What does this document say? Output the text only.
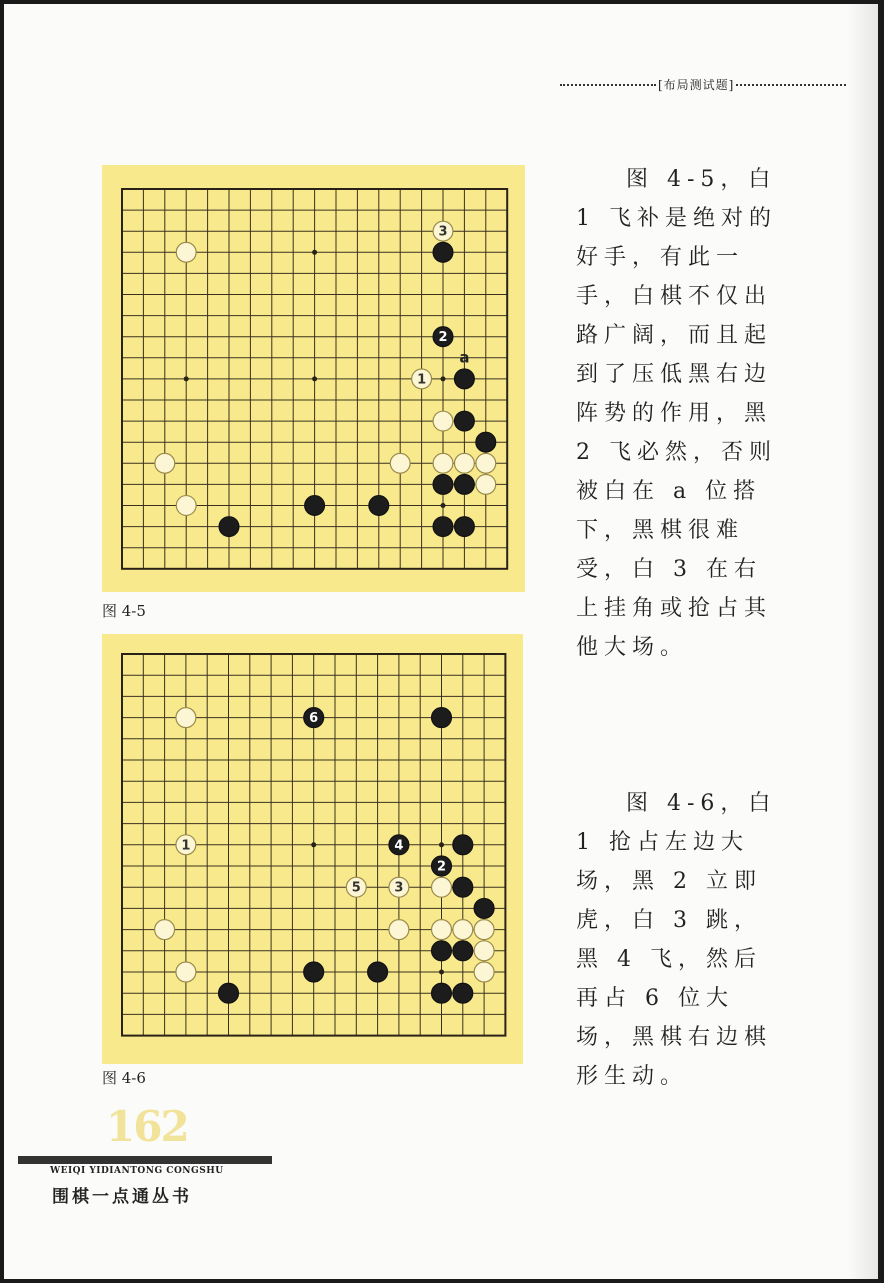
[布局测试题]
3
2
1
a
图 4-5
6
1	4
2
5	3
图 4-6
图 4-5，白 1 飞补是绝对的好手，有此一手，白棋不仅出路广阔，而且起到了压低黑右边阵势的作用，黑 2 飞必然，否则被白在 a 位搭下，黑棋很难受，白 3 在右上挂角或抢占其他大场。
图 4-6，白 1 抢占左边大场，黑 2 立即虎，白 3 跳，黑 4 飞，然后再占 6 位大场，黑棋右边棋形生动。
162
WEIQI YIDIANTONG CONGSHU
围棋一点通丛书
